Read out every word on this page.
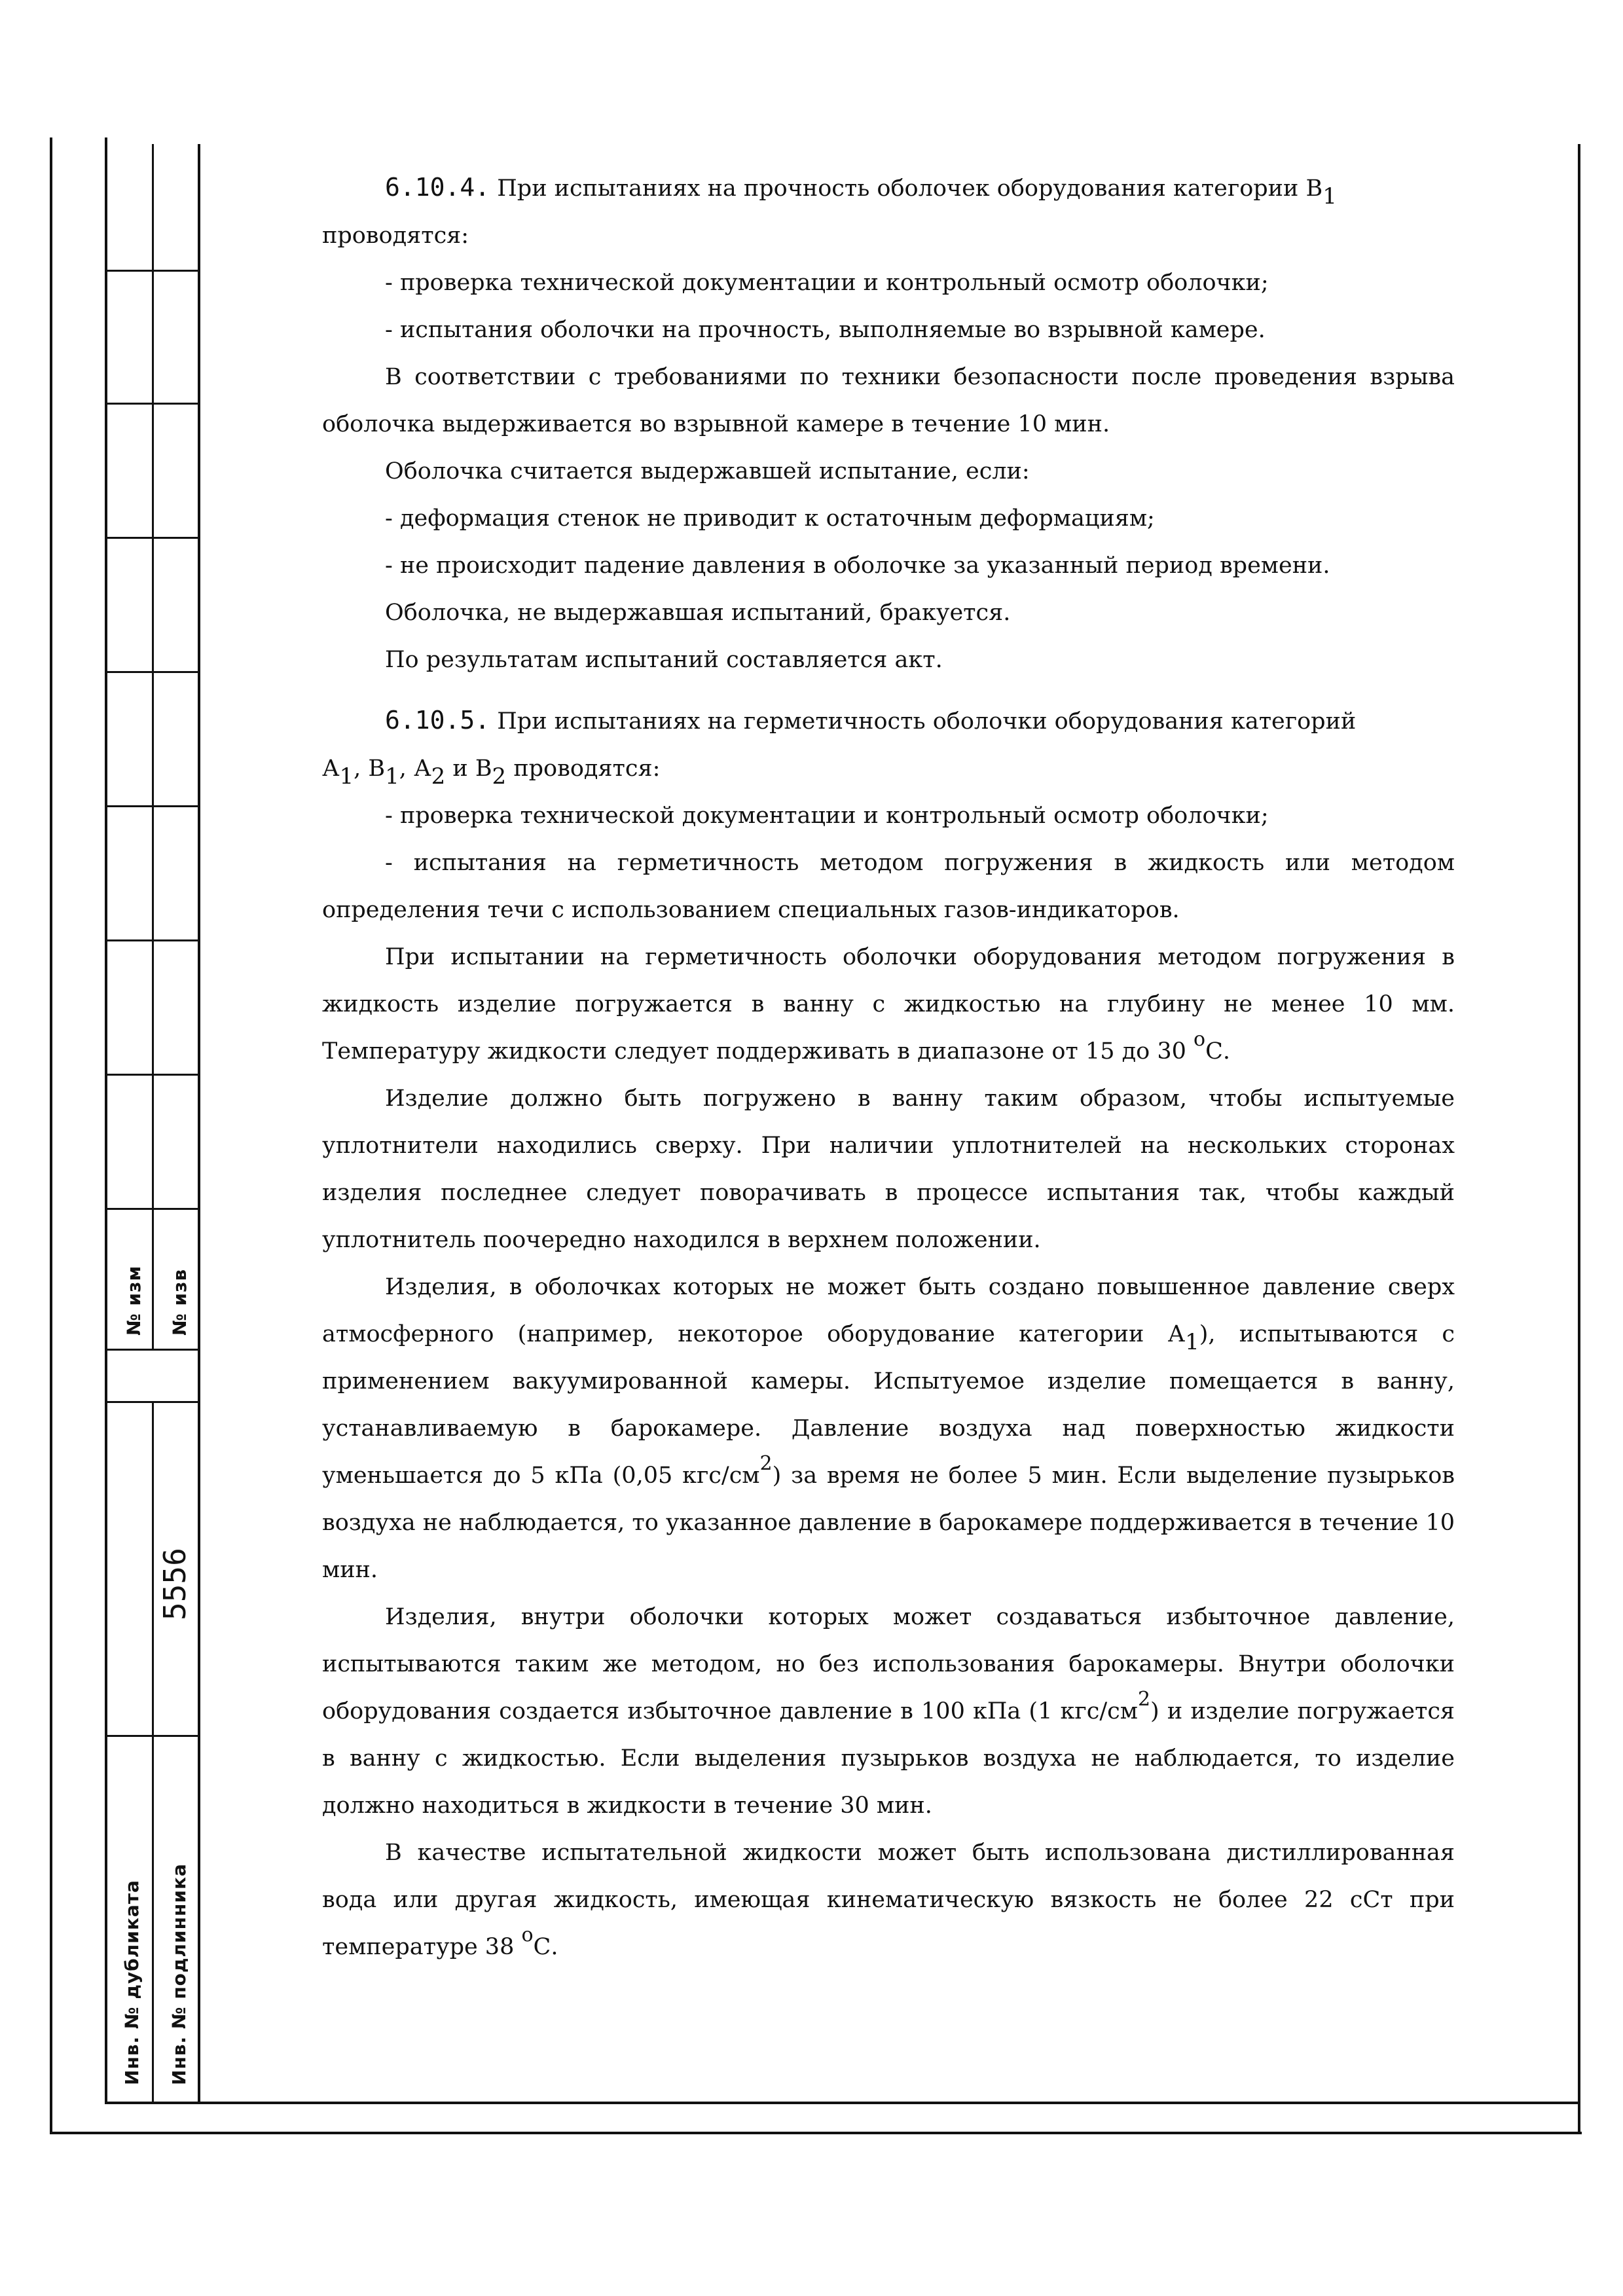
№ изм № изв
5556
Инв. № дубликата Инв. № подлинника

6.10.4. При испытаниях на прочность оболочек оборудования категории $В_1$

проводятся:

- проверка технической документации и контрольный осмотр оболочки;

- испытания оболочки на прочность, выполняемые во взрывной камере.

В соответствии с требованиями по техники безопасности после проведения взрыва оболочка выдерживается во взрывной камере в течение 10 мин.

Оболочка считается выдержавшей испытание, если:

- деформация стенок не приводит к остаточным деформациям;

- не происходит падение давления в оболочке за указанный период времени.

Оболочка, не выдержавшая испытаний, бракуется.

По результатам испытаний составляется акт.

6.10.5. При испытаниях на герметичность оболочки оборудования категорий

$А_1$, $В_1$, $А_2$ и $В_2$ проводятся:

- проверка технической документации и контрольный осмотр оболочки;

- испытания на герметичность методом погружения в жидкость или методом определения течи с использованием специальных газов-индикаторов.

При испытании на герметичность оболочки оборудования методом погружения в жидкость изделие погружается в ванну с жидкостью на глубину не менее 10 мм. Температуру жидкости следует поддерживать в диапазоне от 15 до 30 $^о$С.

Изделие должно быть погружено в ванну таким образом, чтобы испытуемые уплотнители находились сверху. При наличии уплотнителей на нескольких сторонах изделия последнее следует поворачивать в процессе испытания так, чтобы каждый уплотнитель поочередно находился в верхнем положении.

Изделия, в оболочках которых не может быть создано повышенное давление сверх атмосферного (например, некоторое оборудование категории $А_1$), испытываются с применением вакуумированной камеры. Испытуемое изделие помещается в ванну, устанавливаемую в барокамере. Давление воздуха над поверхностью жидкости уменьшается до 5 кПа (0,05 кгс/$см^2$) за время не более 5 мин. Если выделение пузырьков воздуха не наблюдается, то указанное давление в барокамере поддерживается в течение 10 мин.

Изделия, внутри оболочки которых может создаваться избыточное давление, испытываются таким же методом, но без использования барокамеры. Внутри оболочки оборудования создается избыточное давление в 100 кПа (1 кгс/$см^2$) и изделие погружается в ванну с жидкостью. Если выделения пузырьков воздуха не наблюдается, то изделие должно находиться в жидкости в течение 30 мин.

В качестве испытательной жидкости может быть использована дистиллированная вода или другая жидкость, имеющая кинематическую вязкость не более 22 сСт при температуре 38 $^о$С.
